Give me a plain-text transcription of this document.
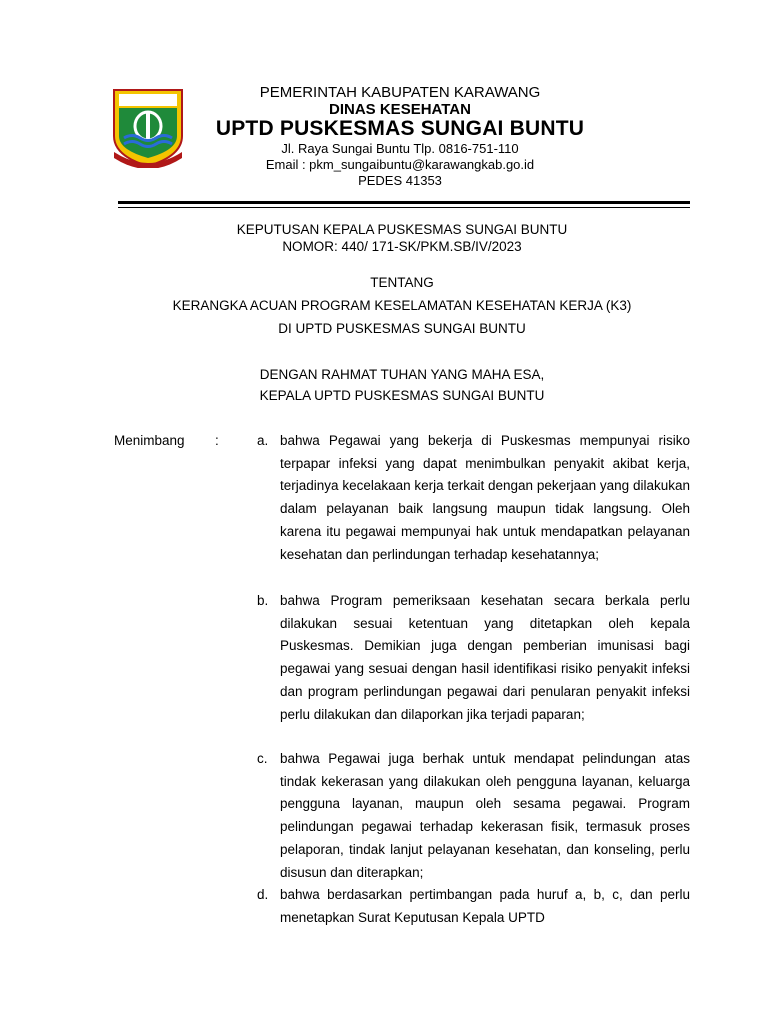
PEMERINTAH KABUPATEN KARAWANG
DINAS KESEHATAN
UPTD PUSKESMAS SUNGAI BUNTU
Jl. Raya Sungai Buntu Tlp. 0816-751-110
Email : pkm_sungaibuntu@karawangkab.go.id
PEDES 41353
KEPUTUSAN KEPALA PUSKESMAS SUNGAI BUNTU
NOMOR: 440/ 171-SK/PKM.SB/IV/2023
TENTANG
KERANGKA ACUAN PROGRAM KESELAMATAN KESEHATAN KERJA (K3)
DI UPTD PUSKESMAS SUNGAI BUNTU
DENGAN RAHMAT TUHAN YANG MAHA ESA,
KEPALA UPTD PUSKESMAS SUNGAI BUNTU
Menimbang :	a. bahwa Pegawai yang bekerja di Puskesmas mempunyai risiko terpapar infeksi yang dapat menimbulkan penyakit akibat kerja, terjadinya kecelakaan kerja terkait dengan pekerjaan yang dilakukan dalam pelayanan baik langsung maupun tidak langsung. Oleh karena itu pegawai mempunyai hak untuk mendapatkan pelayanan kesehatan dan perlindungan terhadap kesehatannya;

b. bahwa Program pemeriksaan kesehatan secara berkala perlu dilakukan sesuai ketentuan yang ditetapkan oleh kepala Puskesmas. Demikian juga dengan pemberian imunisasi bagi pegawai yang sesuai dengan hasil identifikasi risiko penyakit infeksi dan program perlindungan pegawai dari penularan penyakit infeksi perlu dilakukan dan dilaporkan jika terjadi paparan;

c. bahwa Pegawai juga berhak untuk mendapat pelindungan atas tindak kekerasan yang dilakukan oleh pengguna layanan, keluarga pengguna layanan, maupun oleh sesama pegawai. Program pelindungan pegawai terhadap kekerasan fisik, termasuk proses pelaporan, tindak lanjut pelayanan kesehatan, dan konseling, perlu disusun dan diterapkan;

d. bahwa berdasarkan pertimbangan pada huruf a, b, c, dan perlu menetapkan Surat Keputusan Kepala UPTD
